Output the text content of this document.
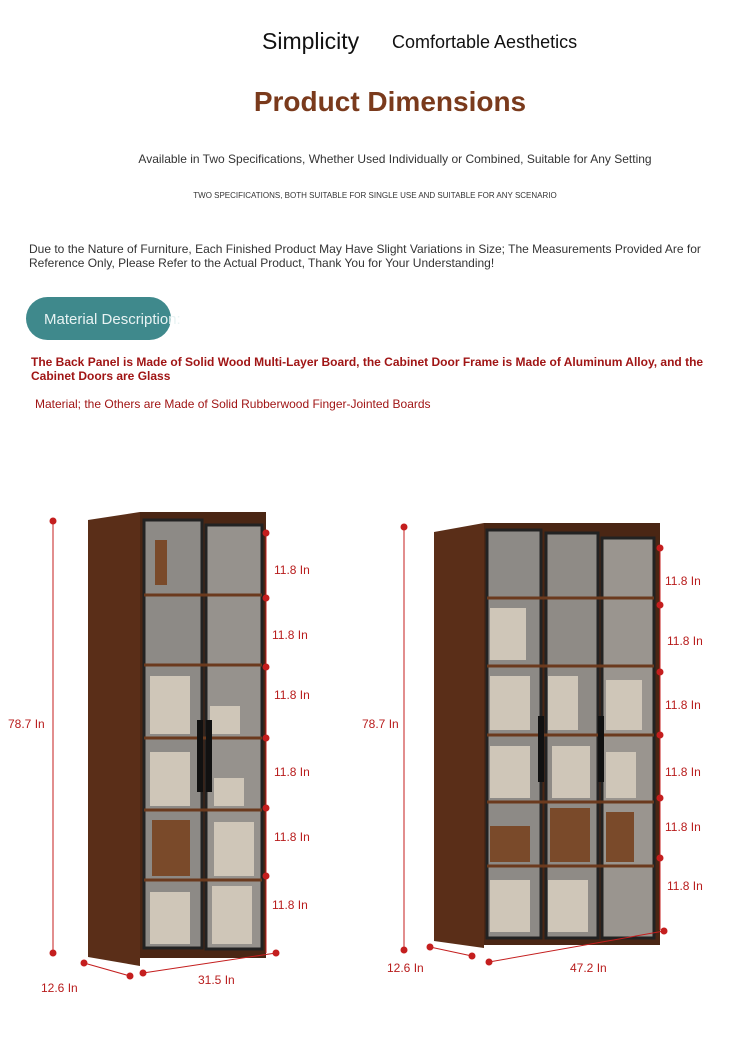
Simplicity Comfortable Aesthetics
Product Dimensions
Available in Two Specifications, Whether Used Individually or Combined, Suitable for Any Setting
TWO SPECIFICATIONS, BOTH SUITABLE FOR SINGLE USE AND SUITABLE FOR ANY SCENARIO
Due to the Nature of Furniture, Each Finished Product May Have Slight Variations in Size; The Measurements Provided Are for Reference Only, Please Refer to the Actual Product, Thank You for Your Understanding!
Material Description:
The Back Panel is Made of Solid Wood Multi-Layer Board, the Cabinet Door Frame is Made of Aluminum Alloy, and the Cabinet Doors are Glass
Material; the Others are Made of Solid Rubberwood Finger-Jointed Boards
78.7 In
12.6 In
31.5 In
11.8 In
11.8 In
11.8 In
11.8 In
11.8 In
11.8 In
78.7 In
12.6 In	47.2 In
11.8 In
11.8 In
11.8 In
11.8 In
11.8 In
11.8 In
